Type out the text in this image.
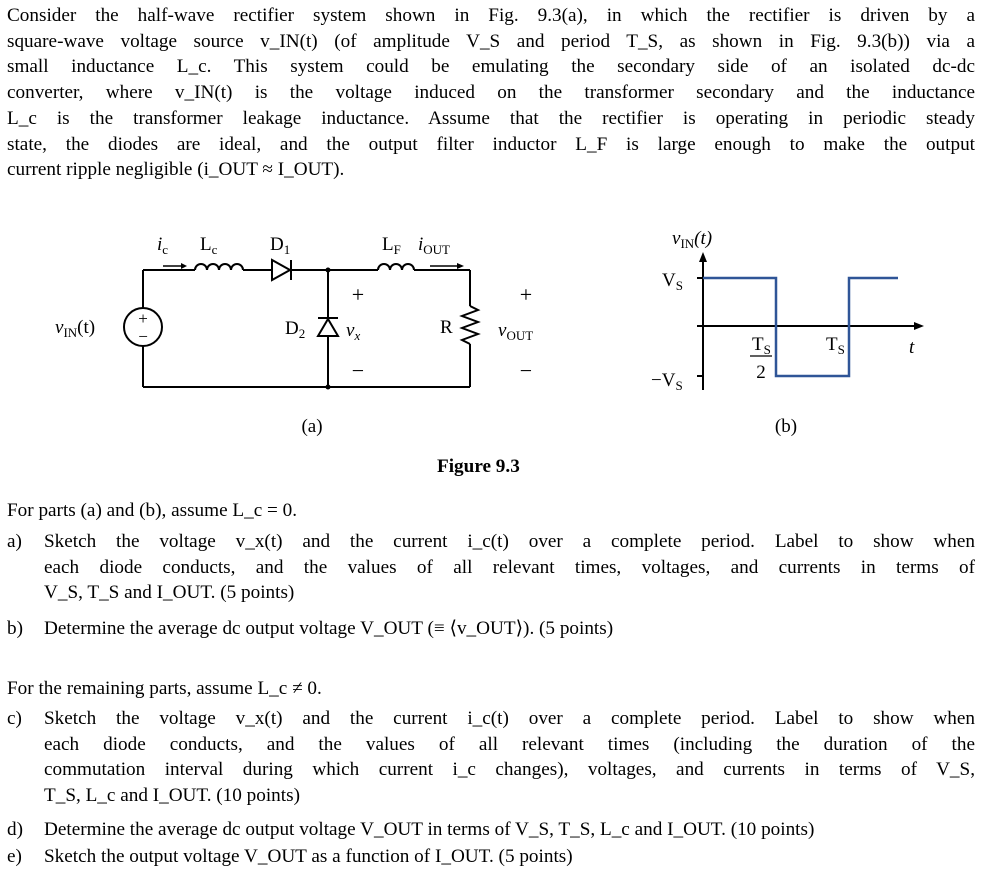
Consider the half-wave rectifier system shown in Fig. 9.3(a), in which the rectifier is driven by a
square-wave voltage source v_IN(t) (of amplitude V_S and period T_S, as shown in Fig. 9.3(b)) via a
small inductance L_c. This system could be emulating the secondary side of an isolated dc-dc
converter, where v_IN(t) is the voltage induced on the transformer secondary and the inductance
L_c is the transformer leakage inductance. Assume that the rectifier is operating in periodic steady
state, the diodes are ideal, and the output filter inductor L_F is large enough to make the output
current ripple negligible (i_OUT ≈ I_OUT).
+
−
$v_{IN}(t)$
$i_c$ $L_c$	$D_1$
$D_2$ $v_x$
$L_F$ $i_{OUT}$
+
−
R $v_{OUT}$
+
−
(a)
$v_{IN}(t)$
$V_S$
$-V_S$
$T_S$
2
$T_S$	t
(b)
Figure 9.3
For parts (a) and (b), assume L_c = 0.
a) Sketch the voltage v_x(t) and the current i_c(t) over a complete period. Label to show when
each diode conducts, and the values of all relevant times, voltages, and currents in terms of
V_S, T_S and I_OUT. (5 points)
b) Determine the average dc output voltage V_OUT (≡ ⟨v_OUT⟩). (5 points)
For the remaining parts, assume L_c ≠ 0.
c) Sketch the voltage v_x(t) and the current i_c(t) over a complete period. Label to show when
each diode conducts, and the values of all relevant times (including the duration of the
commutation interval during which current i_c changes), voltages, and currents in terms of V_S,
T_S, L_c and I_OUT. (10 points)
d) Determine the average dc output voltage V_OUT in terms of V_S, T_S, L_c and I_OUT. (10 points)
e) Sketch the output voltage V_OUT as a function of I_OUT. (5 points)
